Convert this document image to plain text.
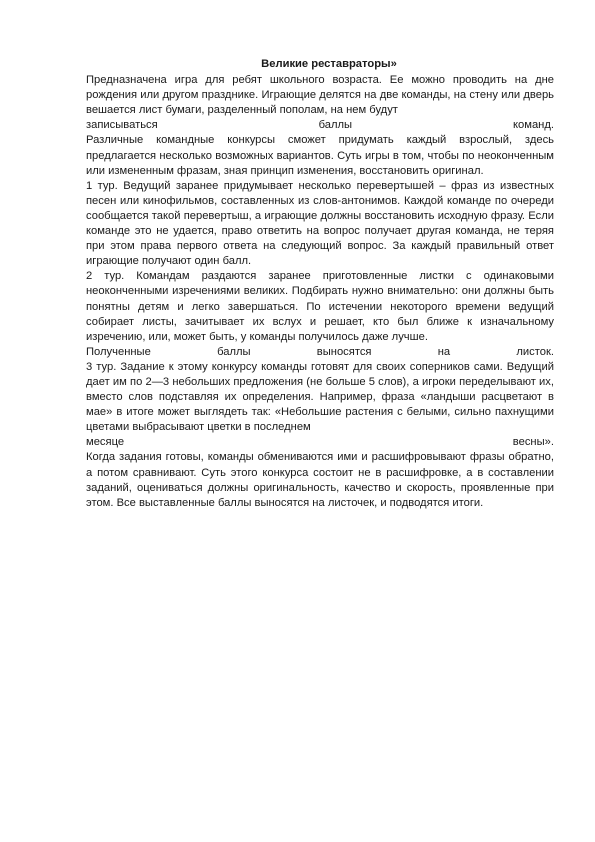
Великие реставраторы»

Предназначена игра для ребят школьного возраста. Ее можно проводить на дне рождения или другом празднике. Играющие делятся на две команды, на стену или дверь вешается лист бумаги, разделенный пополам, на нем будут

записываться баллы команд.

Различные командные конкурсы сможет придумать каждый взрослый, здесь предлагается несколько возможных вариантов. Суть игры в том, чтобы по неоконченным или измененным фразам, зная принцип изменения, восстановить оригинал.

1 тур. Ведущий заранее придумывает несколько перевертышей – фраз из известных песен или кинофильмов, составленных из слов-антонимов. Каждой команде по очереди сообщается такой перевертыш, а играющие должны восстановить исходную фразу. Если команде это не удается, право ответить на вопрос получает другая команда, не теряя при этом права первого ответа на следующий вопрос. За каждый правильный ответ играющие получают один балл.

2 тур. Командам раздаются заранее приготовленные листки с одинаковыми неоконченными изречениями великих. Подбирать нужно внимательно: они должны быть понятны детям и легко завершаться. По истечении некоторого времени ведущий собирает листы, зачитывает их вслух и решает, кто был ближе к изначальному изречению, или, может быть, у команды получилось даже лучше.

Полученные баллы выносятся на листок.

3 тур. Задание к этому конкурсу команды готовят для своих соперников сами. Ведущий дает им по 2—3 небольших предложения (не больше 5 слов), а игроки переделывают их, вместо слов подставляя их определения. Например, фраза «ландыши расцветают в мае» в итоге может выглядеть так: «Небольшие растения с белыми, сильно пахнущими цветами выбрасывают цветки в последнем

месяце весны».

Когда задания готовы, команды обмениваются ими и расшифровывают фразы обратно, а потом сравнивают. Суть этого конкурса состоит не в расшифровке, а в составлении заданий, оцениваться должны оригинальность, качество и скорость, проявленные при этом. Все выставленные баллы выносятся на листочек, и подводятся итоги.
